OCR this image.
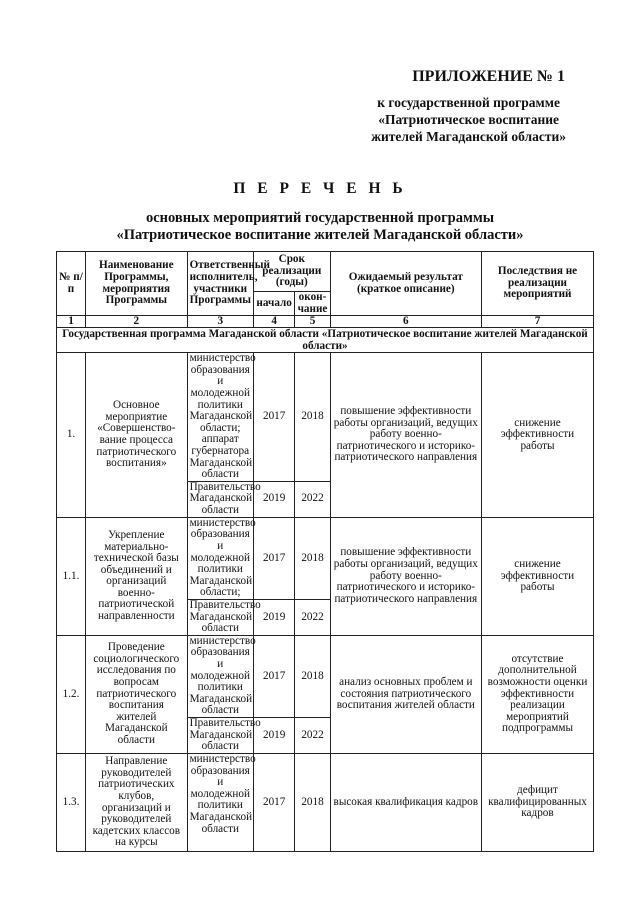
ПРИЛОЖЕНИЕ № 1
к государственной программе
«Патриотическое воспитание
жителей Магаданской области»
П Е Р Е Ч Е Н Ь
основных мероприятий государственной программы
«Патриотическое воспитание жителей Магаданской области»
№ п/п	Наименование Программы, мероприятия Программы	Ответственный исполнитель, участники Программы	Срок реализации (годы)		Ожидаемый результат (краткое описание)	Последствия не реализации мероприятий
			начало	окон-чание		
1	2	3	4	5	6	7
Государственная программа Магаданской области «Патриотическое воспитание жителей Магаданской области»						
1.	Основное мероприятие «Совершенство-вание процесса патриотического воспитания»	министерство образования и молодежной политики Магаданской области; аппарат губернатора Магаданской области	2017	2018	повышение эффективности работы организаций, ведущих работу военно-патриотического и историко-патриотического направления	снижение эффективности работы
		Правительство Магаданской области	2019	2022		
1.1.	Укрепление материально-технической базы объединений и организаций военно-патриотической направленности	министерство образования и молодежной политики Магаданской области;	2017	2018	повышение эффективности работы организаций, ведущих работу военно-патриотического и историко-патриотического направления	снижение эффективности работы
		Правительство Магаданской области	2019	2022		
1.2.	Проведение социологического исследования по вопросам патриотического воспитания жителей Магаданской области	министерство образования и молодежной политики Магаданской области	2017	2018	анализ основных проблем и состояния патриотического воспитания жителей области	отсутствие дополнительной возможности оценки эффективности реализации мероприятий подпрограммы
		Правительство Магаданской области	2019	2022		
1.3.	Направление руководителей патриотических клубов, организаций и руководителей кадетских классов на курсы	министерство образования и молодежной политики Магаданской области	2017	2018	высокая квалификация кадров	дефицит квалифицированных кадров
